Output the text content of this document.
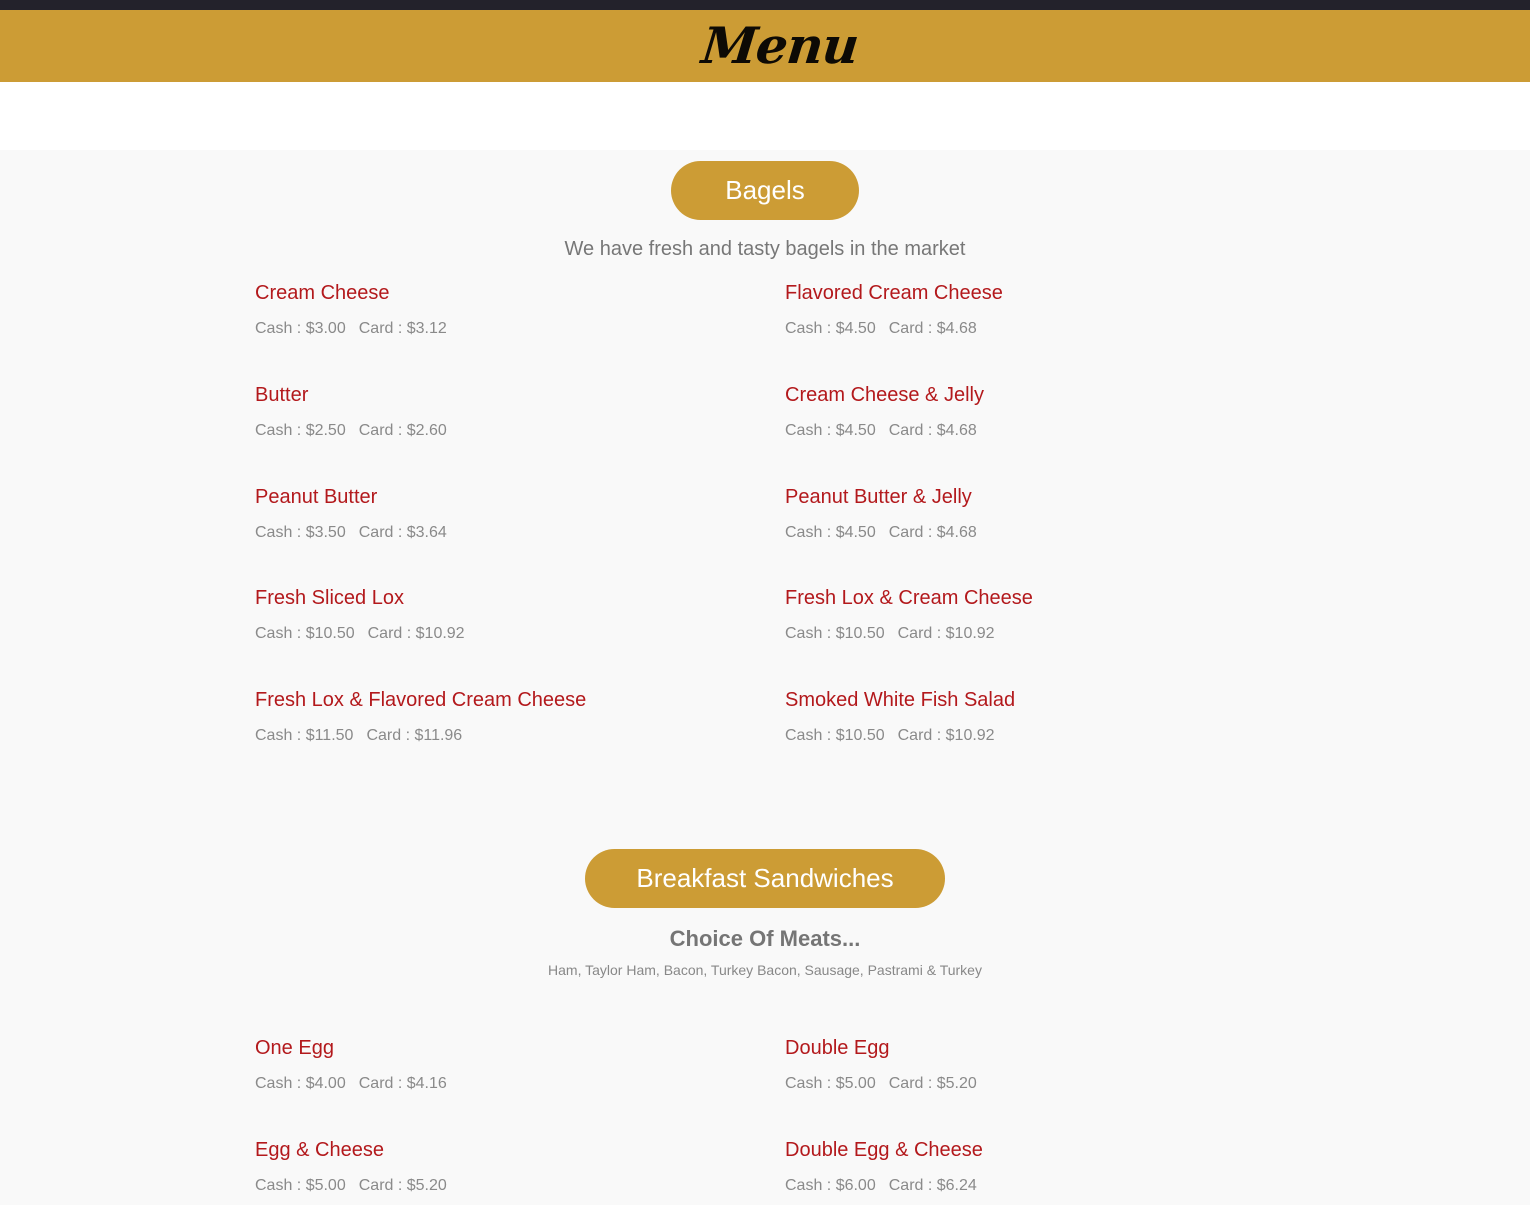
Menu
Bagels
We have fresh and tasty bagels in the market
Cream Cheese
Cash : $3.00 Card : $3.12
Flavored Cream Cheese
Cash : $4.50 Card : $4.68
Butter
Cash : $2.50 Card : $2.60
Cream Cheese & Jelly
Cash : $4.50 Card : $4.68
Peanut Butter
Cash : $3.50 Card : $3.64
Peanut Butter & Jelly
Cash : $4.50 Card : $4.68
Fresh Sliced Lox
Cash : $10.50 Card : $10.92
Fresh Lox & Cream Cheese
Cash : $10.50 Card : $10.92
Fresh Lox & Flavored Cream Cheese
Cash : $11.50 Card : $11.96
Smoked White Fish Salad
Cash : $10.50 Card : $10.92
Breakfast Sandwiches
Choice Of Meats...
Ham, Taylor Ham, Bacon, Turkey Bacon, Sausage, Pastrami & Turkey
One Egg
Cash : $4.00 Card : $4.16
Double Egg
Cash : $5.00 Card : $5.20
Egg & Cheese
Cash : $5.00 Card : $5.20
Double Egg & Cheese
Cash : $6.00 Card : $6.24
